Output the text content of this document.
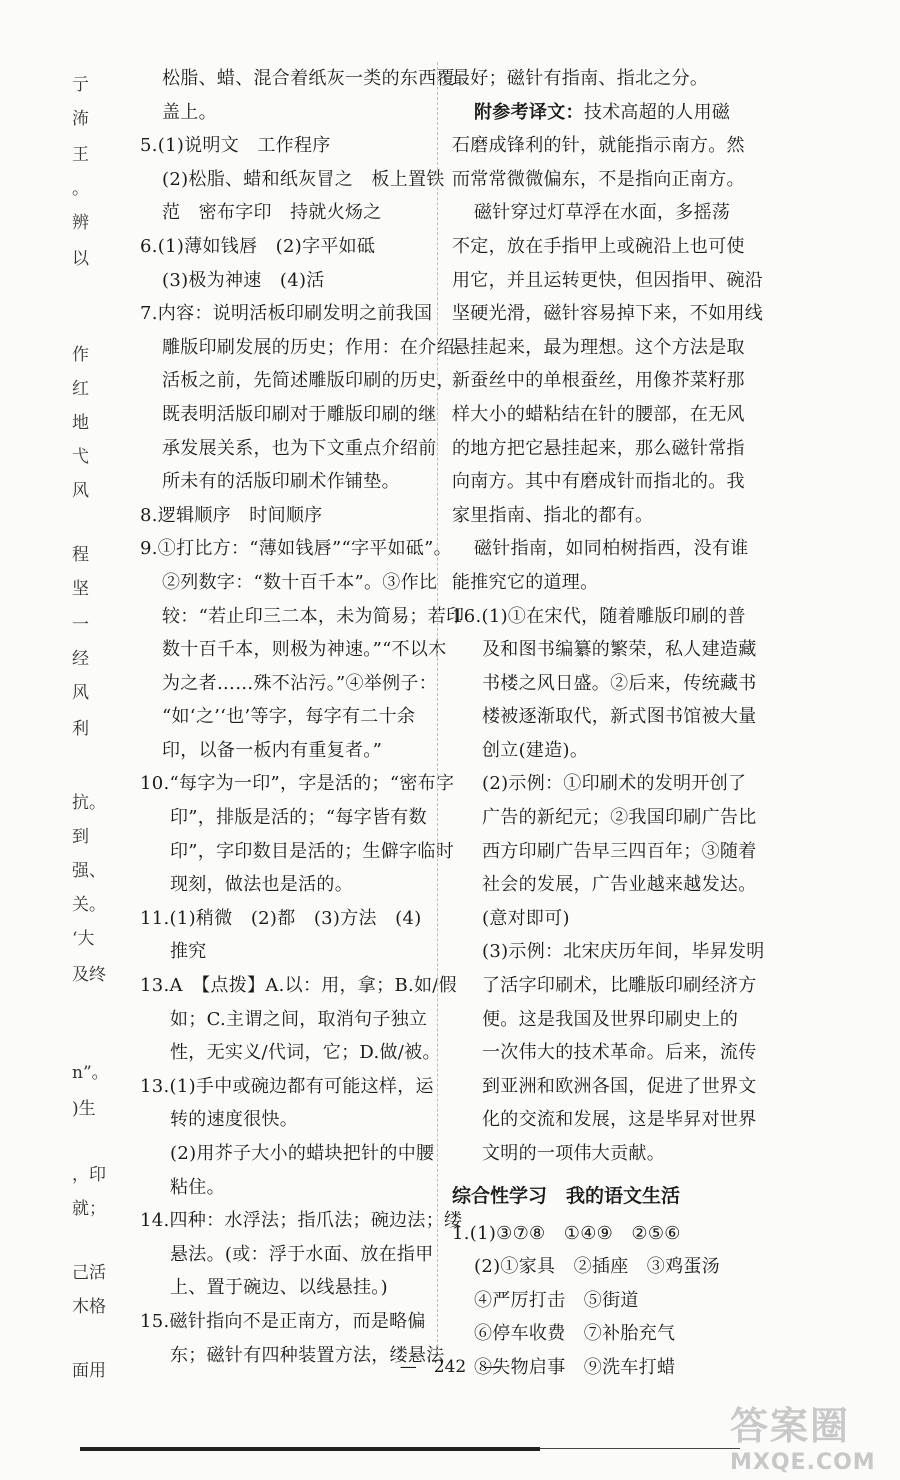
亍
㳍
王
。
辨
以
作
红
地
弋
风
程
坚
一
经
风
利
抗。
到
强、
关。
‘大
及终
n”。
)生
，印
就；
己活
木格
面用
松脂、蜡、混合着纸灰一类的东西覆
盖上。
5.(1)说明文　工作程序
(2)松脂、蜡和纸灰冒之　板上置铁
范　密布字印　持就火炀之
6.(1)薄如钱唇　(2)字平如砥
(3)极为神速　(4)活
7.内容：说明活板印刷发明之前我国
雕版印刷发展的历史；作用：在介绍
活板之前，先简述雕版印刷的历史，
既表明活版印刷对于雕版印刷的继
承发展关系，也为下文重点介绍前
所未有的活版印刷术作铺垫。
8.逻辑顺序　时间顺序
9.①打比方：“薄如钱唇”“字平如砥”。
②列数字：“数十百千本”。③作比
较：“若止印三二本，未为简易；若印
数十百千本，则极为神速。”“不以木
为之者……殊不沾污。”④举例子：
“如‘之’‘也’等字，每字有二十余
印，以备一板内有重复者。”
10.“每字为一印”，字是活的；“密布字
印”，排版是活的；“每字皆有数
印”，字印数目是活的；生僻字临时
现刻，做法也是活的。
11.(1)稍微　(2)都　(3)方法　(4)
推究
13.A　【点拨】A.以：用，拿；B.如/假
如；C.主谓之间，取消句子独立
性，无实义/代词，它；D.做/被。
13.(1)手中或碗边都有可能这样，运
转的速度很快。
(2)用芥子大小的蜡块把针的中腰
粘住。
14.四种：水浮法；指爪法；碗边法；缕
悬法。(或：浮于水面、放在指甲
上、置于碗边、以线悬挂。)
15.磁针指向不是正南方，而是略偏
东；磁针有四种装置方法，缕悬法
最好；磁针有指南、指北之分。
附参考译文：技术高超的人用磁
石磨成锋利的针，就能指示南方。然
而常常微微偏东，不是指向正南方。
磁针穿过灯草浮在水面，多摇荡
不定，放在手指甲上或碗沿上也可使
用它，并且运转更快，但因指甲、碗沿
坚硬光滑，磁针容易掉下来，不如用线
悬挂起来，最为理想。这个方法是取
新蚕丝中的单根蚕丝，用像芥菜籽那
样大小的蜡粘结在针的腰部，在无风
的地方把它悬挂起来，那么磁针常指
向南方。其中有磨成针而指北的。我
家里指南、指北的都有。
磁针指南，如同柏树指西，没有谁
能推究它的道理。
16.(1)①在宋代，随着雕版印刷的普
及和图书编纂的繁荣，私人建造藏
书楼之风日盛。②后来，传统藏书
楼被逐渐取代，新式图书馆被大量
创立(建造)。
(2)示例：①印刷术的发明开创了
广告的新纪元；②我国印刷广告比
西方印刷广告早三四百年；③随着
社会的发展，广告业越来越发达。
(意对即可)
(3)示例：北宋庆历年间，毕昇发明
了活字印刷术，比雕版印刷经济方
便。这是我国及世界印刷史上的
一次伟大的技术革命。后来，流传
到亚洲和欧洲各国，促进了世界文
化的交流和发展，这是毕昇对世界
文明的一项伟大贡献。
综合性学习　我的语文生活
1.(1)③⑦⑧　①④⑨　②⑤⑥
(2)①家具　②插座　③鸡蛋汤
④严厉打击　⑤街道
⑥停车收费　⑦补胎充气
⑧失物启事　⑨洗车打蜡
—　242　—
答案圈
MXQE.COM
